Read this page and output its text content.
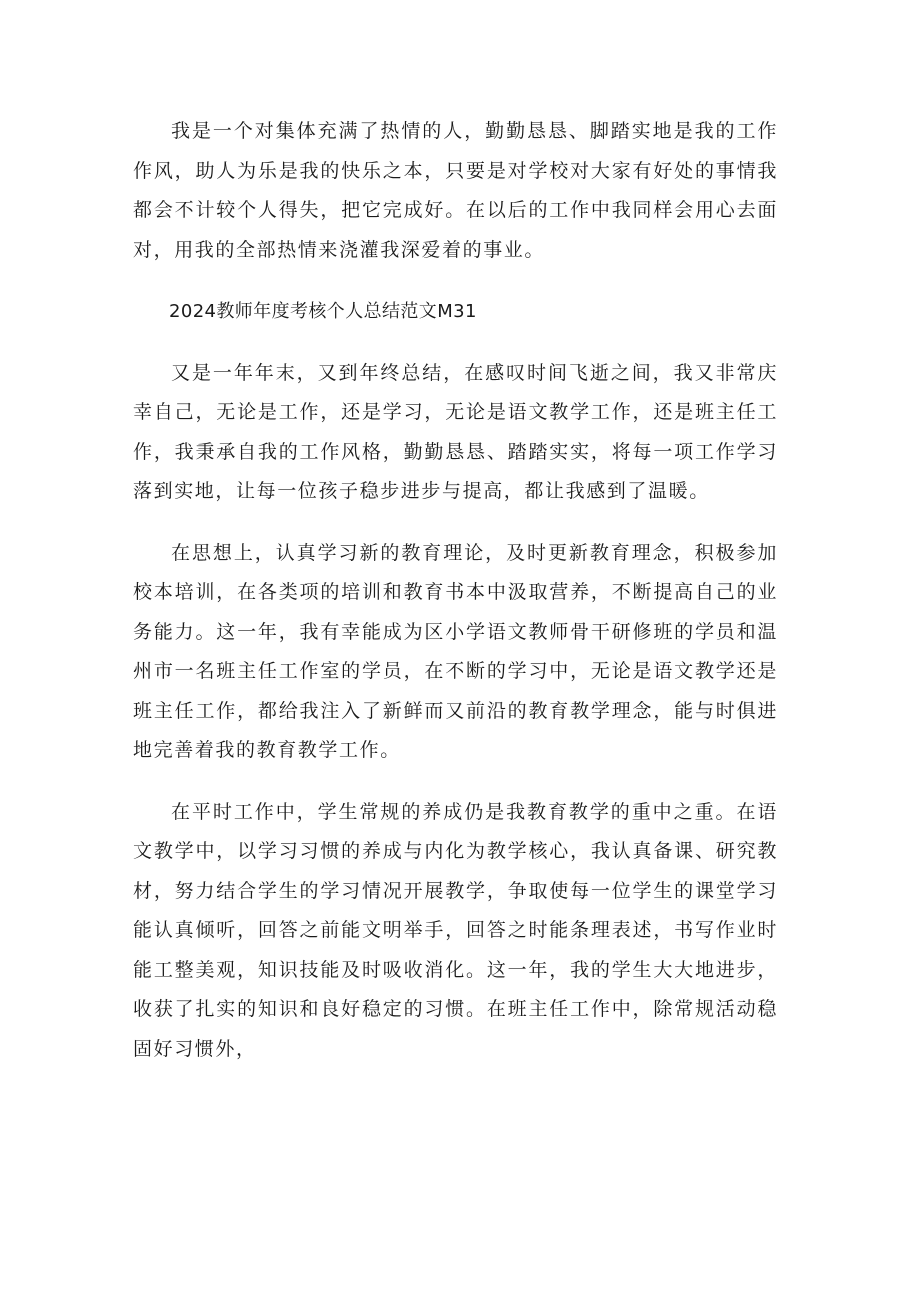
我是一个对集体充满了热情的人，勤勤恳恳、脚踏实地是我的工作作风，助人为乐是我的快乐之本，只要是对学校对大家有好处的事情我都会不计较个人得失，把它完成好。在以后的工作中我同样会用心去面对，用我的全部热情来浇灌我深爱着的事业。

2024教师年度考核个人总结范文M31

又是一年年末，又到年终总结，在感叹时间飞逝之间，我又非常庆幸自己，无论是工作，还是学习，无论是语文教学工作，还是班主任工作，我秉承自我的工作风格，勤勤恳恳、踏踏实实，将每一项工作学习落到实地，让每一位孩子稳步进步与提高，都让我感到了温暖。

在思想上，认真学习新的教育理论，及时更新教育理念，积极参加校本培训，在各类项的培训和教育书本中汲取营养，不断提高自己的业务能力。这一年，我有幸能成为区小学语文教师骨干研修班的学员和温州市一名班主任工作室的学员，在不断的学习中，无论是语文教学还是班主任工作，都给我注入了新鲜而又前沿的教育教学理念，能与时俱进地完善着我的教育教学工作。

在平时工作中，学生常规的养成仍是我教育教学的重中之重。在语文教学中，以学习习惯的养成与内化为教学核心，我认真备课、研究教材，努力结合学生的学习情况开展教学，争取使每一位学生的课堂学习能认真倾听，回答之前能文明举手，回答之时能条理表述，书写作业时能工整美观，知识技能及时吸收消化。这一年，我的学生大大地进步，收获了扎实的知识和良好稳定的习惯。在班主任工作中，除常规活动稳固好习惯外，
